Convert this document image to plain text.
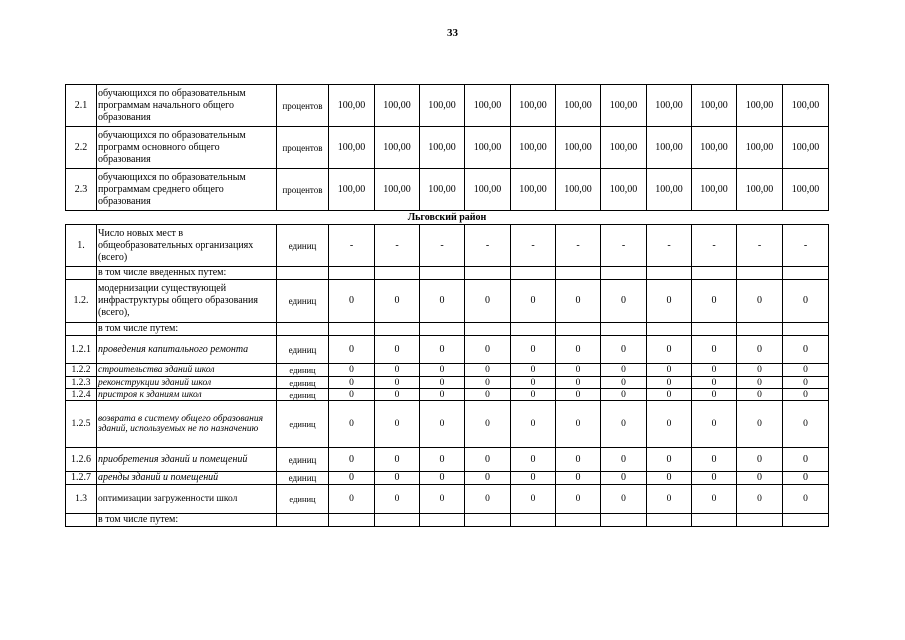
33
2.1	обучающихся по образовательным программам начального общего образования	процентов	100,00	100,00	100,00	100,00	100,00	100,00	100,00	100,00	100,00	100,00	100,00
2.2	обучающихся по образовательным программ основного общего образования	процентов	100,00	100,00	100,00	100,00	100,00	100,00	100,00	100,00	100,00	100,00	100,00
2.3	обучающихся по образовательным программам среднего общего образования	процентов	100,00	100,00	100,00	100,00	100,00	100,00	100,00	100,00	100,00	100,00	100,00
Льговский район													
1.	Число новых мест в общеобразовательных организациях (всего)	единиц	-	-	-	-	-	-	-	-	-	-	-
	в том числе введенных путем:												
1.2.	модернизации существующей инфраструктуры общего образования (всего),	единиц	0	0	0	0	0	0	0	0	0	0	0
	в том числе путем:												
1.2.1	проведения капитального ремонта	единиц	0	0	0	0	0	0	0	0	0	0	0
1.2.2	строительства зданий школ	единиц	0	0	0	0	0	0	0	0	0	0	0
1.2.3	реконструкции зданий школ	единиц	0	0	0	0	0	0	0	0	0	0	0
1.2.4	пристроя к зданиям школ	единиц	0	0	0	0	0	0	0	0	0	0	0
1.2.5	возврата в систему общего образования зданий, используемых не по назначению	единиц	0	0	0	0	0	0	0	0	0	0	0
1.2.6	приобретения зданий и помещений	единиц	0	0	0	0	0	0	0	0	0	0	0
1.2.7	аренды зданий и помещений	единиц	0	0	0	0	0	0	0	0	0	0	0
1.3	оптимизации загруженности школ	единиц	0	0	0	0	0	0	0	0	0	0	0
	в том числе путем:												
